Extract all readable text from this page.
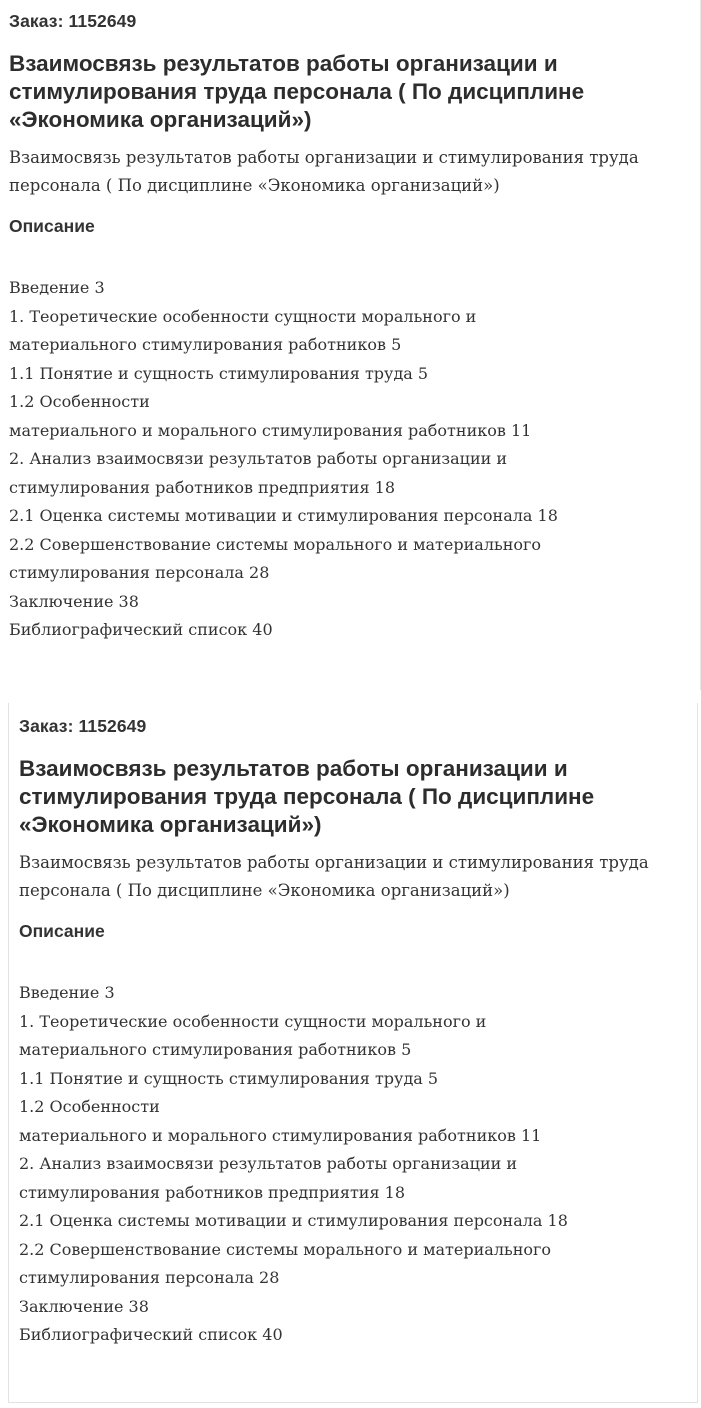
Заказ: 1152649
Взаимосвязь результатов работы организации и стимулирования труда персонала ( По дисциплине «Экономика организаций»)
Взаимосвязь результатов работы организации и стимулирования труда персонала ( По дисциплине «Экономика организаций»)
Описание
Введение 3
1. Теоретические особенности сущности морального и
материального стимулирования работников 5
1.1 Понятие и сущность стимулирования труда 5
1.2 Особенности
материального и морального стимулирования работников 11
2. Анализ взаимосвязи результатов работы организации и
стимулирования работников предприятия 18
2.1 Оценка системы мотивации и стимулирования персонала 18
2.2 Совершенствование системы морального и материального
стимулирования персонала 28
Заключение 38
Библиографический список 40
Заказ: 1152649
Взаимосвязь результатов работы организации и стимулирования труда персонала ( По дисциплине «Экономика организаций»)
Взаимосвязь результатов работы организации и стимулирования труда персонала ( По дисциплине «Экономика организаций»)
Описание
Введение 3
1. Теоретические особенности сущности морального и
материального стимулирования работников 5
1.1 Понятие и сущность стимулирования труда 5
1.2 Особенности
материального и морального стимулирования работников 11
2. Анализ взаимосвязи результатов работы организации и
стимулирования работников предприятия 18
2.1 Оценка системы мотивации и стимулирования персонала 18
2.2 Совершенствование системы морального и материального
стимулирования персонала 28
Заключение 38
Библиографический список 40
